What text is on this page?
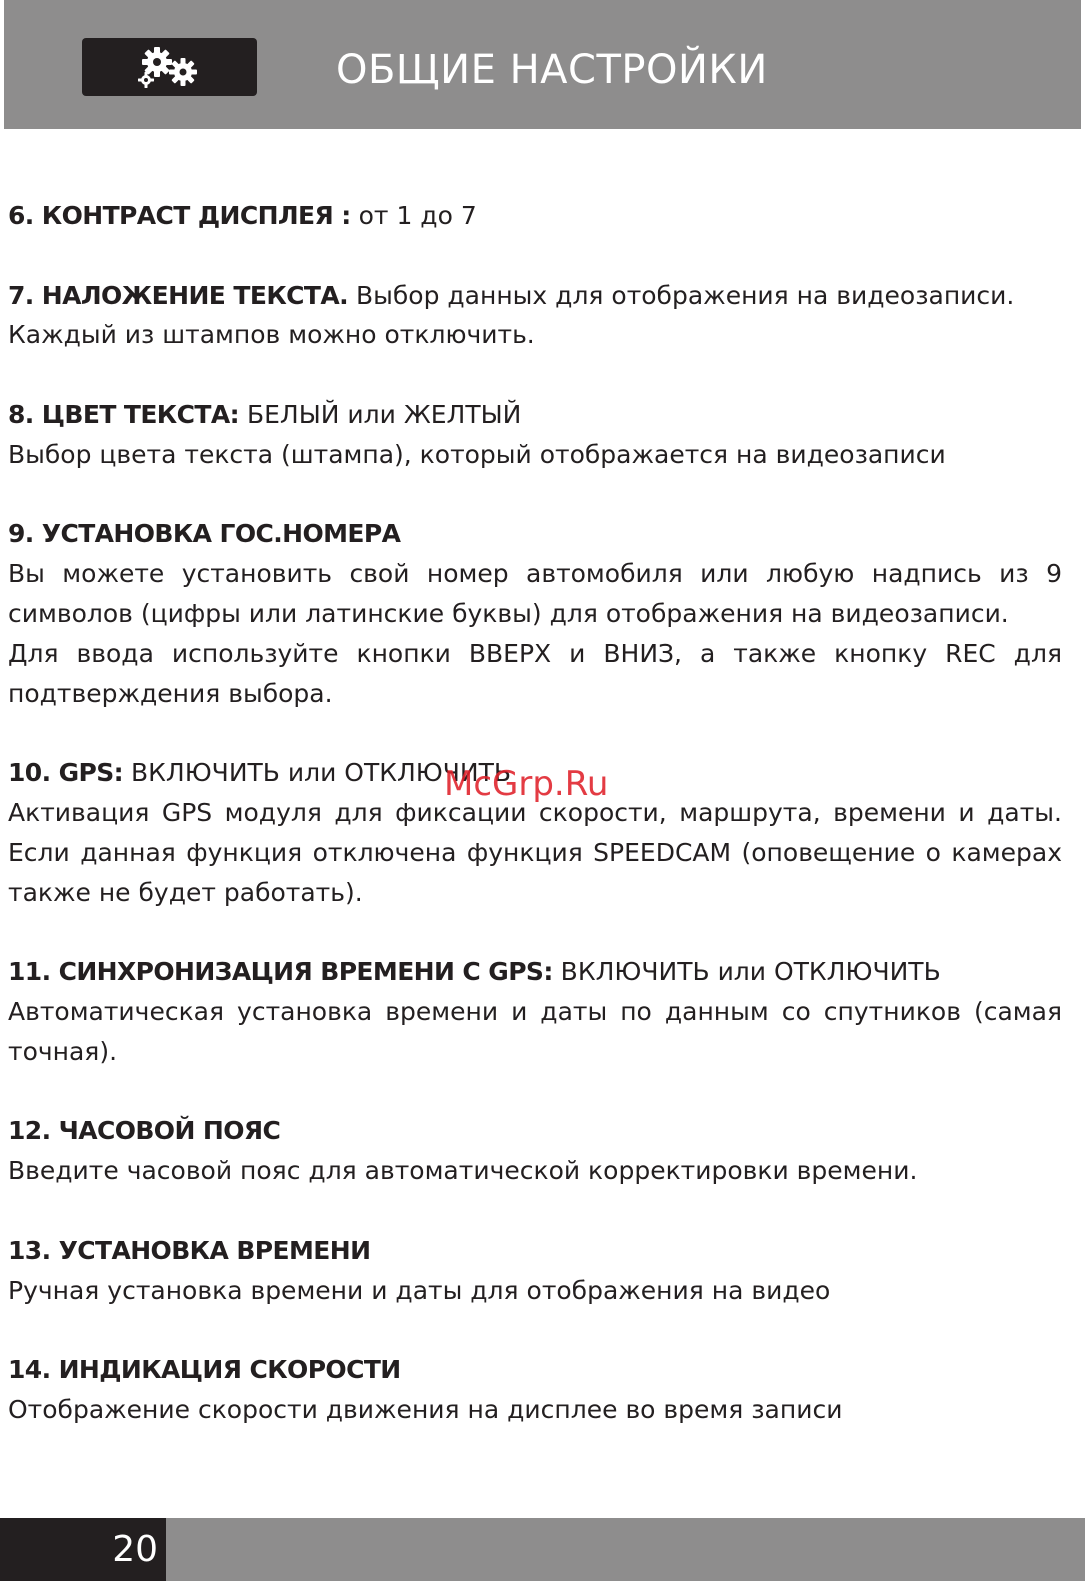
ОБЩИЕ НАСТРОЙКИ

6. КОНТРАСТ ДИСПЛЕЯ : от 1 до 7

7. НАЛОЖЕНИЕ ТЕКСТА. Выбор данных для отображения на видеозаписи.

Каждый из штампов можно отключить.

8. ЦВЕТ ТЕКСТА: БЕЛЫЙ или ЖЕЛТЫЙ

Выбор цвета текста (штампа), который отображается на видеозаписи

9. УСТАНОВКА ГОС.НОМЕРА

Вы можете установить свой номер автомобиля или любую надпись из 9 символов (цифры или латинские буквы) для отображения на видеозаписи.

Для ввода используйте кнопки ВВЕРХ и ВНИЗ, а также кнопку REC для подтверждения выбора.

10. GPS: ВКЛЮЧИТЬ или ОТКЛЮЧИТЬ

Активация GPS модуля для фиксации скорости, маршрута, времени и даты. Если данная функция отключена функция SPEEDCAM (оповещение о камерах также не будет работать).

11. СИНХРОНИЗАЦИЯ ВРЕМЕНИ С GPS: ВКЛЮЧИТЬ или ОТКЛЮЧИТЬ

Автоматическая установка времени и даты по данным со спутников (самая точная).

12. ЧАСОВОЙ ПОЯС

Введите часовой пояс для автоматической корректировки времени.

13. УСТАНОВКА ВРЕМЕНИ

Ручная установка времени и даты для отображения на видео

14. ИНДИКАЦИЯ СКОРОСТИ

Отображение скорости движения на дисплее во время записи

McGrp.Ru
20
